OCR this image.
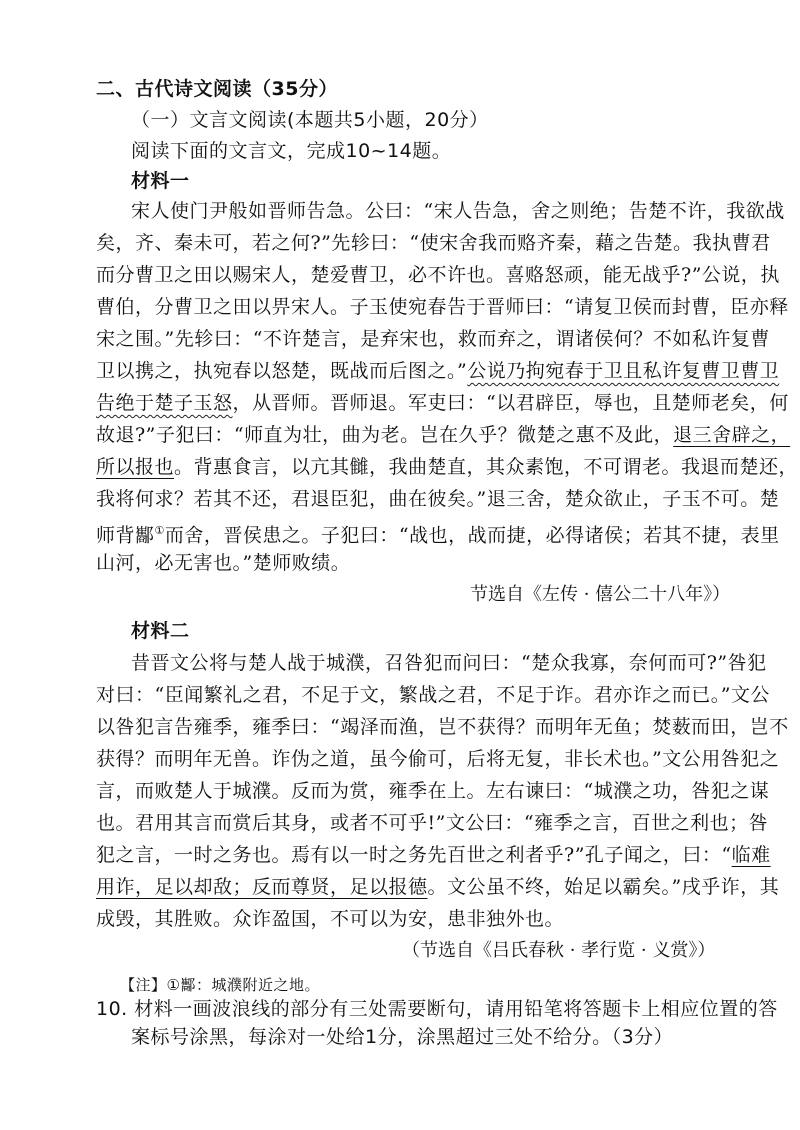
二、古代诗文阅读（35分）
（一）文言文阅读(本题共5小题，20分）
阅读下面的文言文，完成10~14题。
材料一
宋人使门尹般如晋师告急。公曰：“宋人告急，舍之则绝；告楚不许，我欲战
矣，齐、秦未可，若之何?”先轸曰：“使宋舍我而赂齐秦，藉之告楚。我执曹君
而分曹卫之田以赐宋人，楚爱曹卫，必不许也。喜赂怒顽，能无战乎?”公说，执
曹伯，分曹卫之田以畀宋人。子玉使宛春告于晋师曰：“请复卫侯而封曹，臣亦释
宋之围。”先轸曰：“不许楚言，是弃宋也，救而弃之，谓诸侯何？不如私许复曹
卫以携之，执宛春以怒楚，既战而后图之。”公说乃拘宛春于卫且私许复曹卫曹卫
告绝于楚子玉怒，从晋师。晋师退。军吏曰：“以君辟臣，辱也，且楚师老矣，何
故退?”子犯曰：“师直为壮，曲为老。岂在久乎？微楚之惠不及此，退三舍辟之，
所以报也。背惠食言，以亢其雠，我曲楚直，其众素饱，不可谓老。我退而楚还，
我将何求？若其不还，君退臣犯，曲在彼矣。”退三舍，楚众欲止，子玉不可。楚
师背酅①而舍，晋侯患之。子犯曰：“战也，战而捷，必得诸侯；若其不捷，表里
山河，必无害也。”楚师败绩。
节选自《左传 · 僖公二十八年》）
材料二
昔晋文公将与楚人战于城濮，召咎犯而问曰：“楚众我寡，奈何而可?”咎犯
对曰：“臣闻繁礼之君，不足于文，繁战之君，不足于诈。君亦诈之而已。”文公
以咎犯言告雍季，雍季曰：“竭泽而渔，岂不获得？而明年无鱼；焚薮而田，岂不
获得？而明年无兽。诈伪之道，虽今偷可，后将无复，非长术也。”文公用咎犯之
言，而败楚人于城濮。反而为赏，雍季在上。左右谏曰：“城濮之功，咎犯之谋
也。君用其言而赏后其身，或者不可乎!”文公曰：“雍季之言，百世之利也；咎
犯之言，一时之务也。焉有以一时之务先百世之利者乎?”孔子闻之，曰：“临难
用诈，足以却敌；反而尊贤，足以报德。文公虽不终，始足以霸矣。”戌乎诈，其
成毁，其胜败。众诈盈国，不可以为安，患非独外也。
（节选自《吕氏春秋 · 孝行览 · 义赏》）
【注】①酅：城濮附近之地。
10. 材料一画波浪线的部分有三处需要断句，请用铅笔将答题卡上相应位置的答
案标号涂黑，每涂对一处给1分，涂黑超过三处不给分。（3分）
